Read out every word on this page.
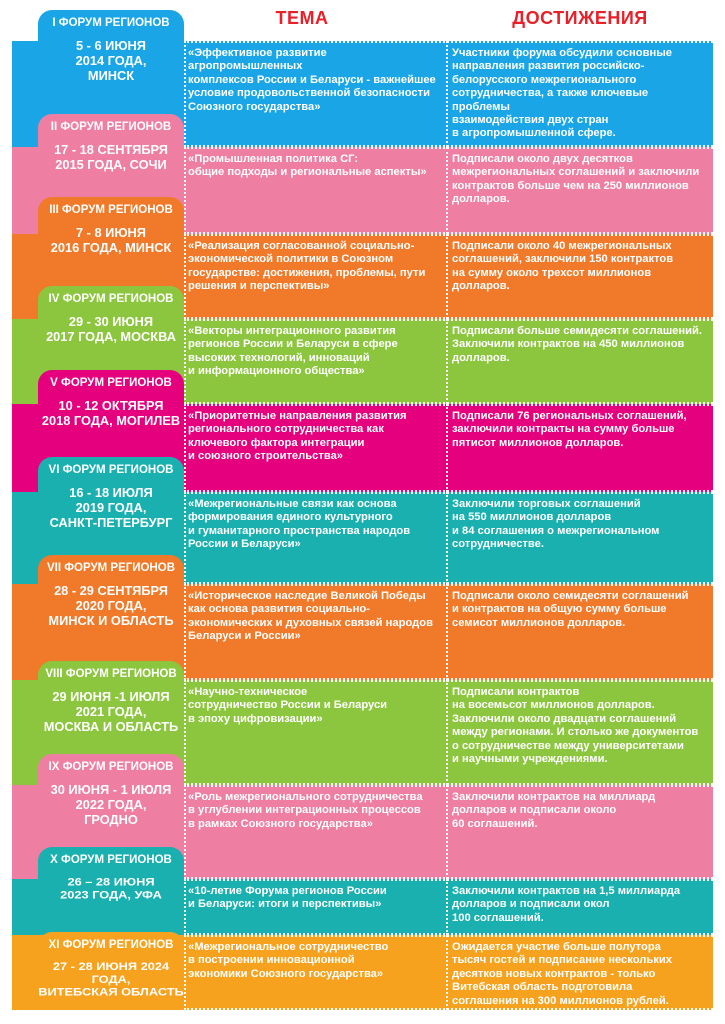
ТЕМА	ДОСТИЖЕНИЯ
«Эффективное развитие агропромышленных
комплексов России и Беларуси - важнейшее
условие продовольственной безопасности
Союзного государства»
Участники форума обсудили основные
направления развития российско-
белорусского межрегионального
сотрудничества, а также ключевые проблемы
взаимодействия двух стран
в агропромышленной сфере.
I ФОРУМ РЕГИОНОВ
5 - 6 ИЮНЯ
2014 ГОДА,
МИНСК
«Промышленная политика СГ:
общие подходы и региональные аспекты»
Подписали около двух десятков
межрегиональных соглашений и заключили
контрактов больше чем на 250 миллионов
долларов.
II ФОРУМ РЕГИОНОВ
17 - 18 СЕНТЯБРЯ
2015 ГОДА, СОЧИ
«Реализация согласованной социально-
экономической политики в Союзном
государстве: достижения, проблемы, пути
решения и перспективы»
Подписали около 40 межрегиональных
соглашений, заключили 150 контрактов
на сумму около трехсот миллионов долларов.
III ФОРУМ РЕГИОНОВ
7 - 8 ИЮНЯ
2016 ГОДА, МИНСК
«Векторы интеграционного развития
регионов России и Беларуси в сфере
высоких технологий, инноваций
и информационного общества»
Подписали больше семидесяти соглашений.
Заключили контрактов на 450 миллионов
долларов.
IV ФОРУМ РЕГИОНОВ
29 - 30 ИЮНЯ
2017 ГОДА, МОСКВА
«Приоритетные направления развития
регионального сотрудничества как
ключевого фактора интеграции
и союзного строительства»
Подписали 76 региональных соглашений,
заключили контракты на сумму больше
пятисот миллионов долларов.
V ФОРУМ РЕГИОНОВ
10 - 12 ОКТЯБРЯ
2018 ГОДА, МОГИЛЕВ
«Межрегиональные связи как основа
формирования единого культурного
и гуманитарного пространства народов
России и Беларуси»
Заключили торговых соглашений
на 550 миллионов долларов
и 84 соглашения о межрегиональном
сотрудничестве.
VI ФОРУМ РЕГИОНОВ
16 - 18 ИЮЛЯ
2019 ГОДА,
САНКТ-ПЕТЕРБУРГ
«Историческое наследие Великой Победы
как основа развития социально-
экономических и духовных связей народов
Беларуси и России»
Подписали около семидесяти соглашений
и контрактов на общую сумму больше
семисот миллионов долларов.
VII ФОРУМ РЕГИОНОВ
28 - 29 СЕНТЯБРЯ
2020 ГОДА,
МИНСК И ОБЛАСТЬ
«Научно-техническое
сотрудничество России и Беларуси
в эпоху цифровизации»
Подписали контрактов
на восемьсот миллионов долларов.
Заключили около двадцати соглашений
между регионами. И столько же документов
о сотрудничестве между университетами
и научными учреждениями.
VIII ФОРУМ РЕГИОНОВ
29 ИЮНЯ -1 ИЮЛЯ
2021 ГОДА,
МОСКВА И ОБЛАСТЬ
«Роль межрегионального сотрудничества
в углублении интеграционных процессов
в рамках Союзного государства»
Заключили контрактов на миллиард
долларов и подписали около
60 соглашений.
IX ФОРУМ РЕГИОНОВ
30 ИЮНЯ - 1 ИЮЛЯ
2022 ГОДА,
ГРОДНО
«10-летие Форума регионов России
и Беларуси: итоги и перспективы»
Заключили контрактов на 1,5 миллиарда
долларов и подписали окол
100 соглашений.
X ФОРУМ РЕГИОНОВ
26 – 28 ИЮНЯ
2023 ГОДА, УФА
«Межрегиональное сотрудничество
в построении инновационной
экономики Союзного государства»
Ожидается участие больше полутора
тысяч гостей и подписание нескольких
десятков новых контрактов - только
Витебская область подготовила
соглашения на 300 миллионов рублей.
XI ФОРУМ РЕГИОНОВ
27 - 28 ИЮНЯ 2024 ГОДА,
ВИТЕБСКАЯ ОБЛАСТЬ
